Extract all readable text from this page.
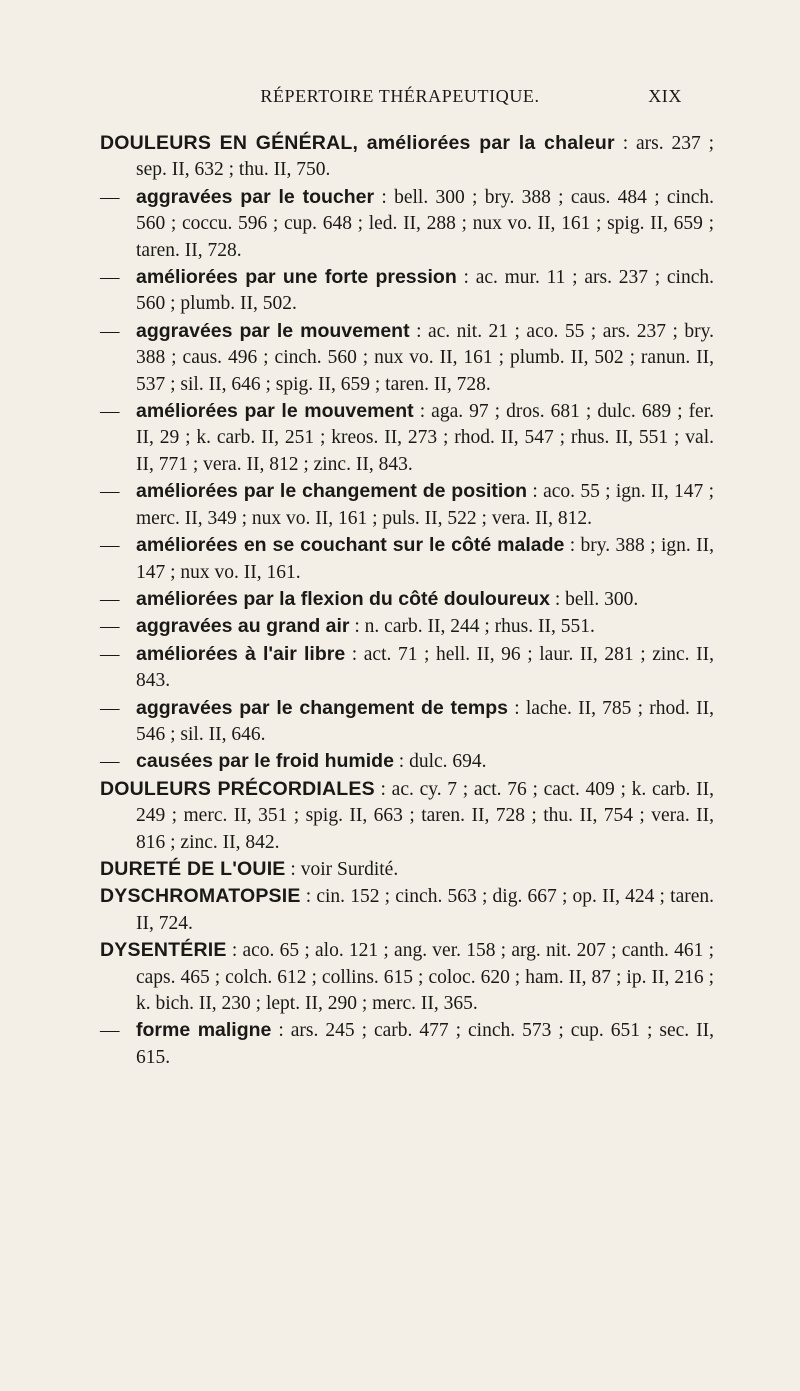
RÉPERTOIRE THÉRAPEUTIQUE.	XIX
DOULEURS EN GÉNÉRAL, améliorées par la chaleur : ars. 237 ; sep. II, 632 ; thu. II, 750.
— aggravées par le toucher : bell. 300 ; bry. 388 ; caus. 484 ; cinch. 560 ; coccu. 596 ; cup. 648 ; led. II, 288 ; nux vo. II, 161 ; spig. II, 659 ; taren. II, 728.
— améliorées par une forte pression : ac. mur. 11 ; ars. 237 ; cinch. 560 ; plumb. II, 502.
— aggravées par le mouvement : ac. nit. 21 ; aco. 55 ; ars. 237 ; bry. 388 ; caus. 496 ; cinch. 560 ; nux vo. II, 161 ; plumb. II, 502 ; ranun. II, 537 ; sil. II, 646 ; spig. II, 659 ; taren. II, 728.
— améliorées par le mouvement : aga. 97 ; dros. 681 ; dulc. 689 ; fer. II, 29 ; k. carb. II, 251 ; kreos. II, 273 ; rhod. II, 547 ; rhus. II, 551 ; val. II, 771 ; vera. II, 812 ; zinc. II, 843.
— améliorées par le changement de position : aco. 55 ; ign. II, 147 ; merc. II, 349 ; nux vo. II, 161 ; puls. II, 522 ; vera. II, 812.
— améliorées en se couchant sur le côté malade : bry. 388 ; ign. II, 147 ; nux vo. II, 161.
— améliorées par la flexion du côté douloureux : bell. 300.
— aggravées au grand air : n. carb. II, 244 ; rhus. II, 551.
— améliorées à l'air libre : act. 71 ; hell. II, 96 ; laur. II, 281 ; zinc. II, 843.
— aggravées par le changement de temps : lache. II, 785 ; rhod. II, 546 ; sil. II, 646.
— causées par le froid humide : dulc. 694.
DOULEURS PRÉCORDIALES : ac. cy. 7 ; act. 76 ; cact. 409 ; k. carb. II, 249 ; merc. II, 351 ; spig. II, 663 ; taren. II, 728 ; thu. II, 754 ; vera. II, 816 ; zinc. II, 842.
DURETÉ DE L'OUIE : voir Surdité.
DYSCHROMATOPSIE : cin. 152 ; cinch. 563 ; dig. 667 ; op. II, 424 ; taren. II, 724.
DYSENTÉRIE : aco. 65 ; alo. 121 ; ang. ver. 158 ; arg. nit. 207 ; canth. 461 ; caps. 465 ; colch. 612 ; collins. 615 ; coloc. 620 ; ham. II, 87 ; ip. II, 216 ; k. bich. II, 230 ; lept. II, 290 ; merc. II, 365.
— forme maligne : ars. 245 ; carb. 477 ; cinch. 573 ; cup. 651 ; sec. II, 615.
